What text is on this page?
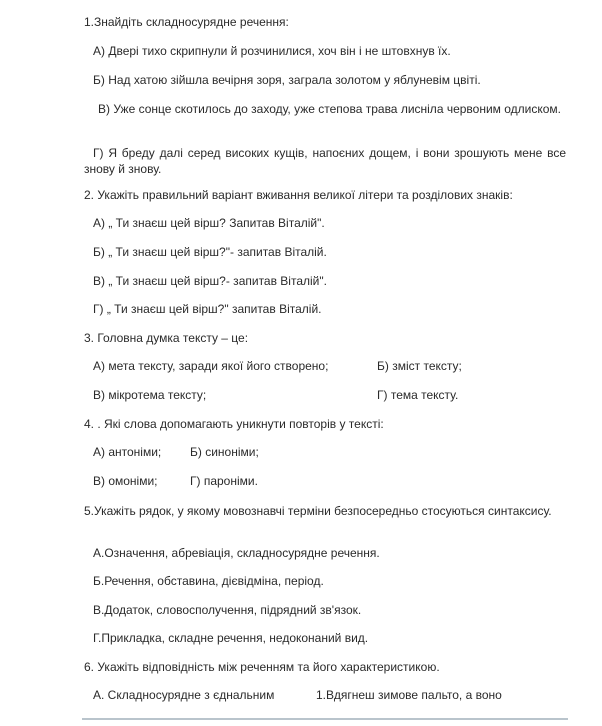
1.Знайдіть складносурядне речення:
А) Двері тихо скрипнули й розчинилися, хоч він і не штовхнув їх.
Б) Над хатою зійшла вечірня зоря, заграла золотом у яблуневім цвіті.
В) Уже сонце скотилось до заходу, уже степова трава лисніла червоним одлиском.
Г) Я бреду далі серед високих кущів, напоєних дощем, і вони зрошують мене все знову й знову.
2. Укажіть правильний варіант вживання великої літери та розділових знаків:
А) „ Ти знаєш цей вірш? Запитав Віталій".
Б) „ Ти знаєш цей вірш?"- запитав Віталій.
В) „ Ти знаєш цей вірш?- запитав Віталій".
Г) „ Ти знаєш цей вірш?" запитав Віталій.
3. Головна думка тексту – це:
А) мета тексту, заради якої його створено;	Б) зміст тексту;
В) мікротема тексту;	Г) тема тексту.
4. . Які слова допомагають уникнути повторів у тексті:
А) антоніми; Б) синоніми;
В) омоніми;	Г) пароніми.
5.Укажіть рядок, у якому мовознавчі терміни безпосередньо стосуються синтаксису.
А.Означення, абревіація, складносурядне речення.
Б.Речення, обставина, дієвідміна, період.
В.Додаток, словосполучення, підрядний зв'язок.
Г.Прикладка, складне речення, недоконаний вид.
6. Укажіть відповідність між реченням та його характеристикою.
А. Складносурядне з єднальним	1.Вдягнеш зимове пальто, а воно
